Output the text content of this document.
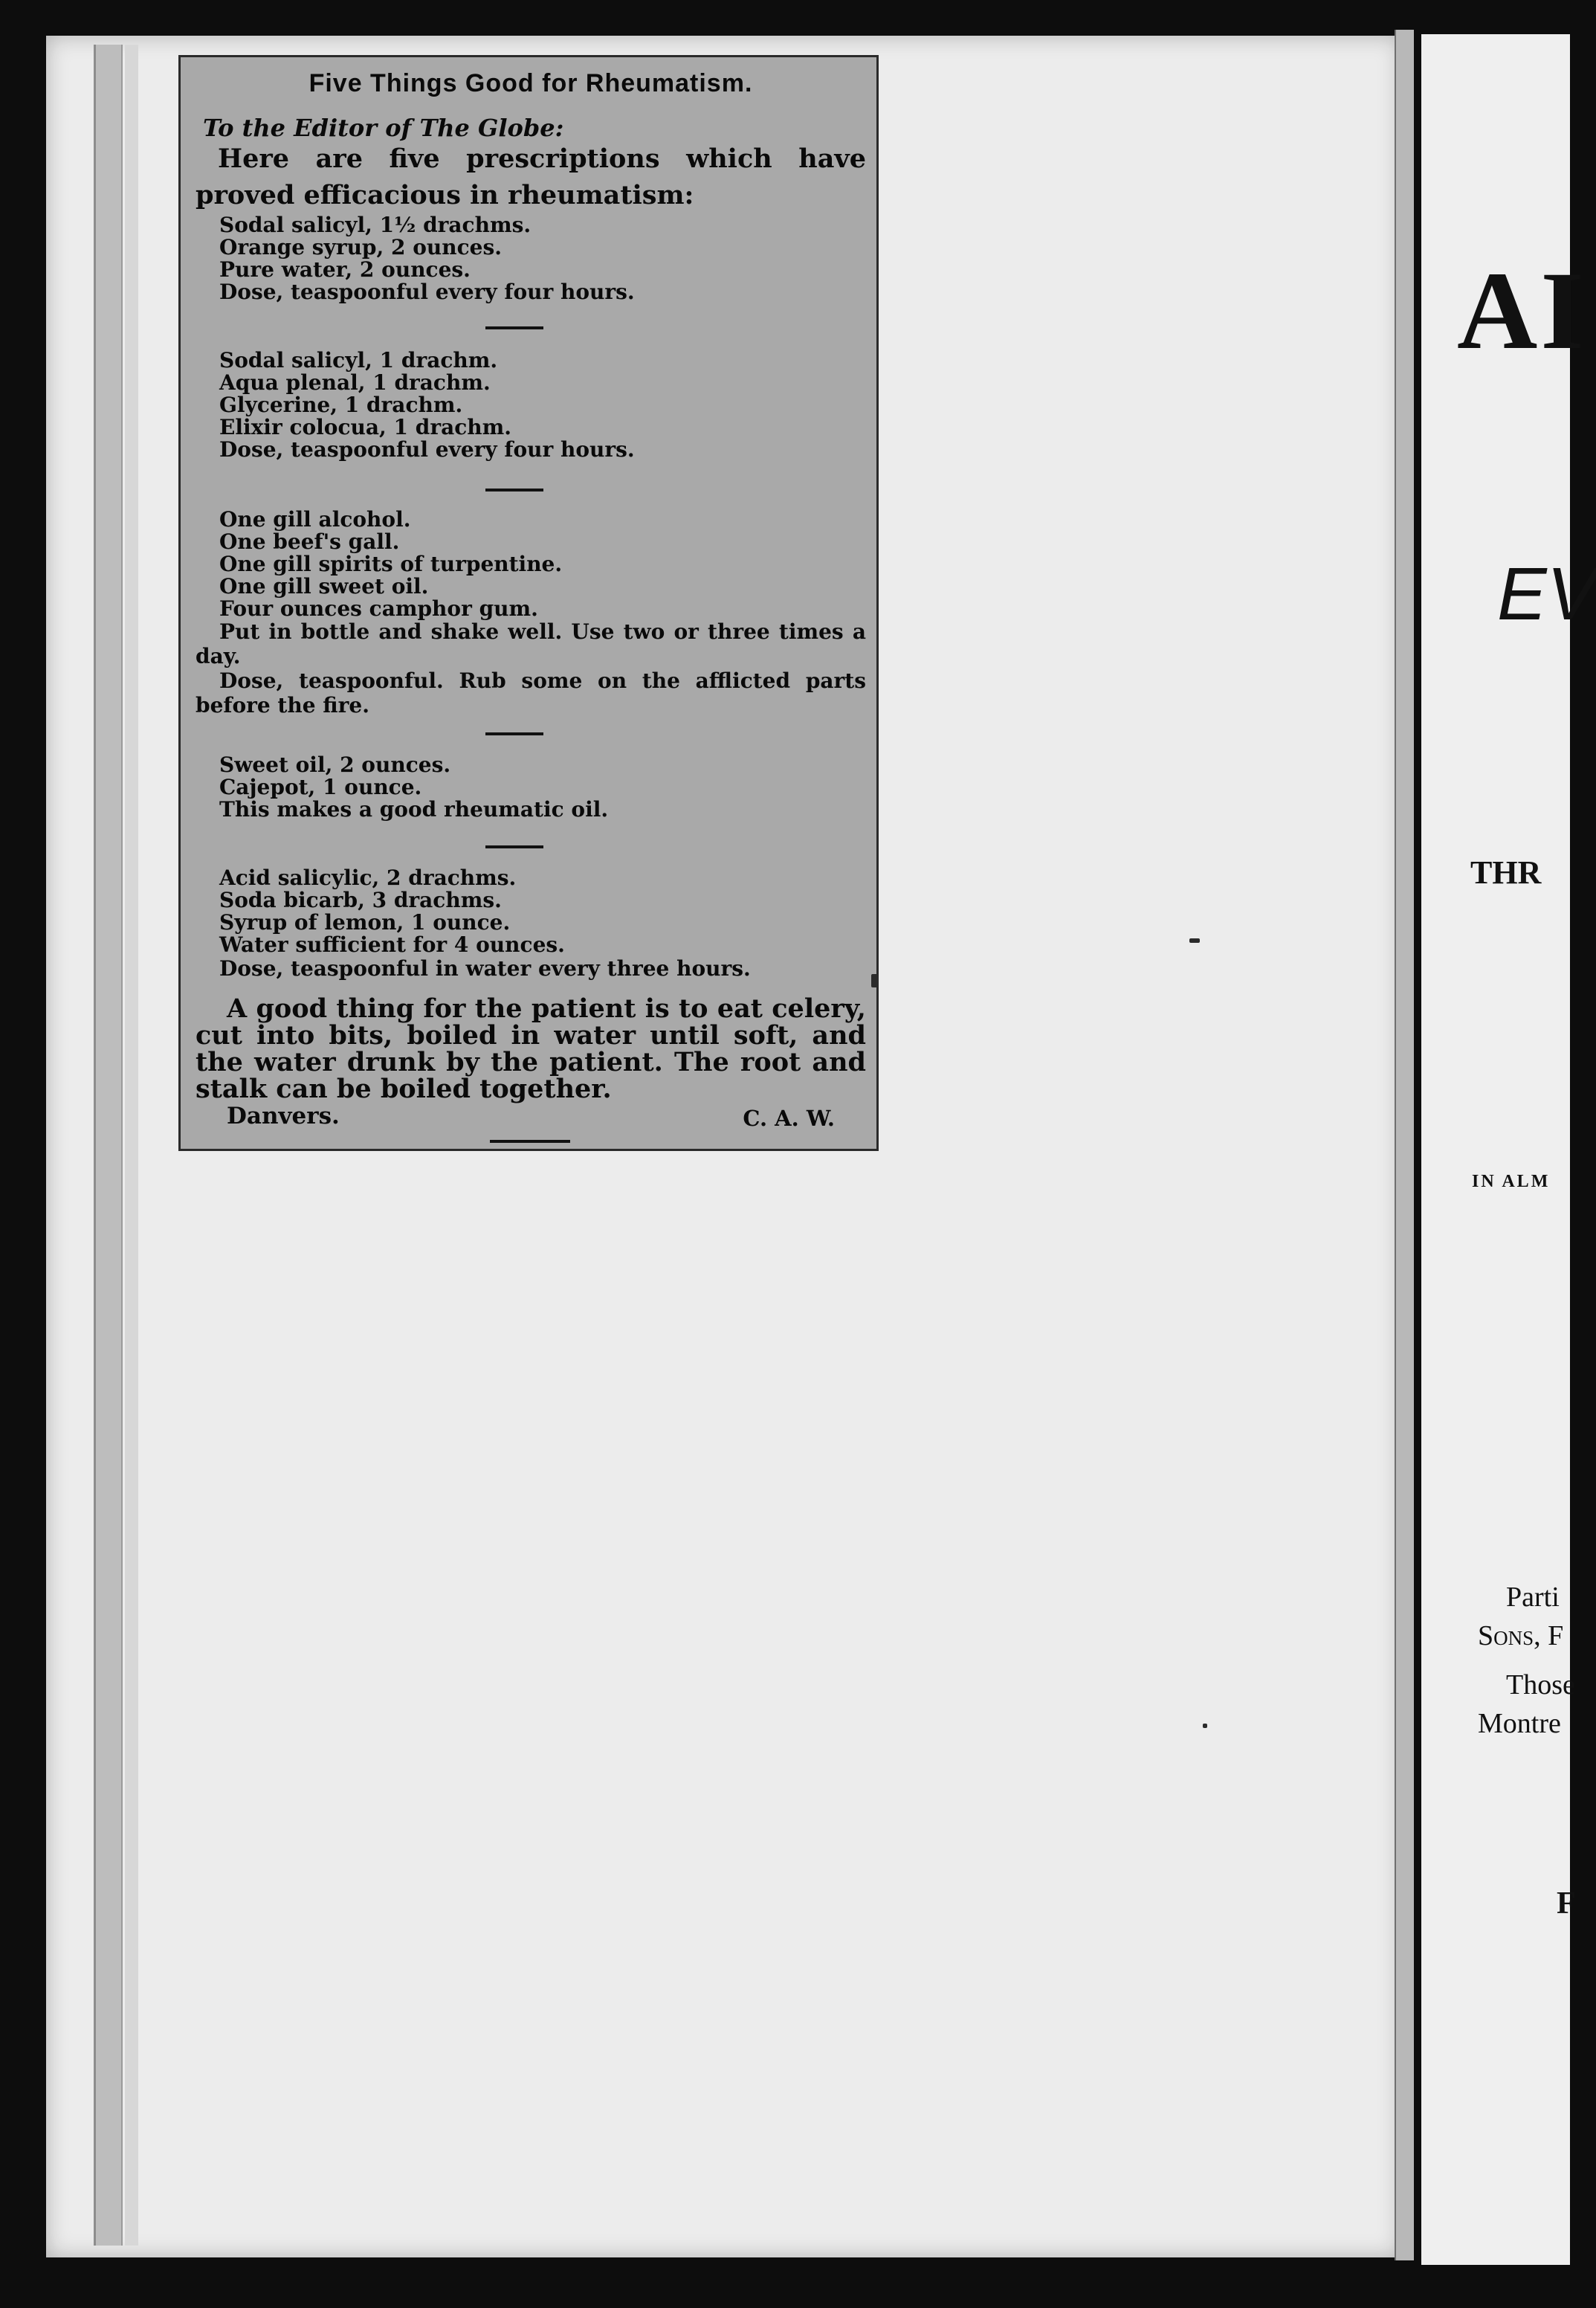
Five Things Good for Rheumatism.
To the Editor of The Globe:
Here are five prescriptions which have proved efficacious in rheumatism:
Sodal salicyl, 1½ drachms.
Orange syrup, 2 ounces.
Pure water, 2 ounces.
Dose, teaspoonful every four hours.
Sodal salicyl, 1 drachm.
Aqua plenal, 1 drachm.
Glycerine, 1 drachm.
Elixir colocua, 1 drachm.
Dose, teaspoonful every four hours.
One gill alcohol.
One beef's gall.
One gill spirits of turpentine.
One gill sweet oil.
Four ounces camphor gum.
Put in bottle and shake well. Use two or three times a day.
Dose, teaspoonful. Rub some on the afflicted parts before the fire.
Sweet oil, 2 ounces.
Cajepot, 1 ounce.
This makes a good rheumatic oil.
Acid salicylic, 2 drachms.
Soda bicarb, 3 drachms.
Syrup of lemon, 1 ounce.
Water sufficient for 4 ounces.
Dose, teaspoonful in water every three hours.
A good thing for the patient is to eat celery, cut into bits, boiled in water until soft, and the water drunk by the patient. The root and stalk can be boiled together.
Danvers.	C. A. W.
AI
EV
THR
IN ALM
Parti
Sons, F
Those
Montre
F
